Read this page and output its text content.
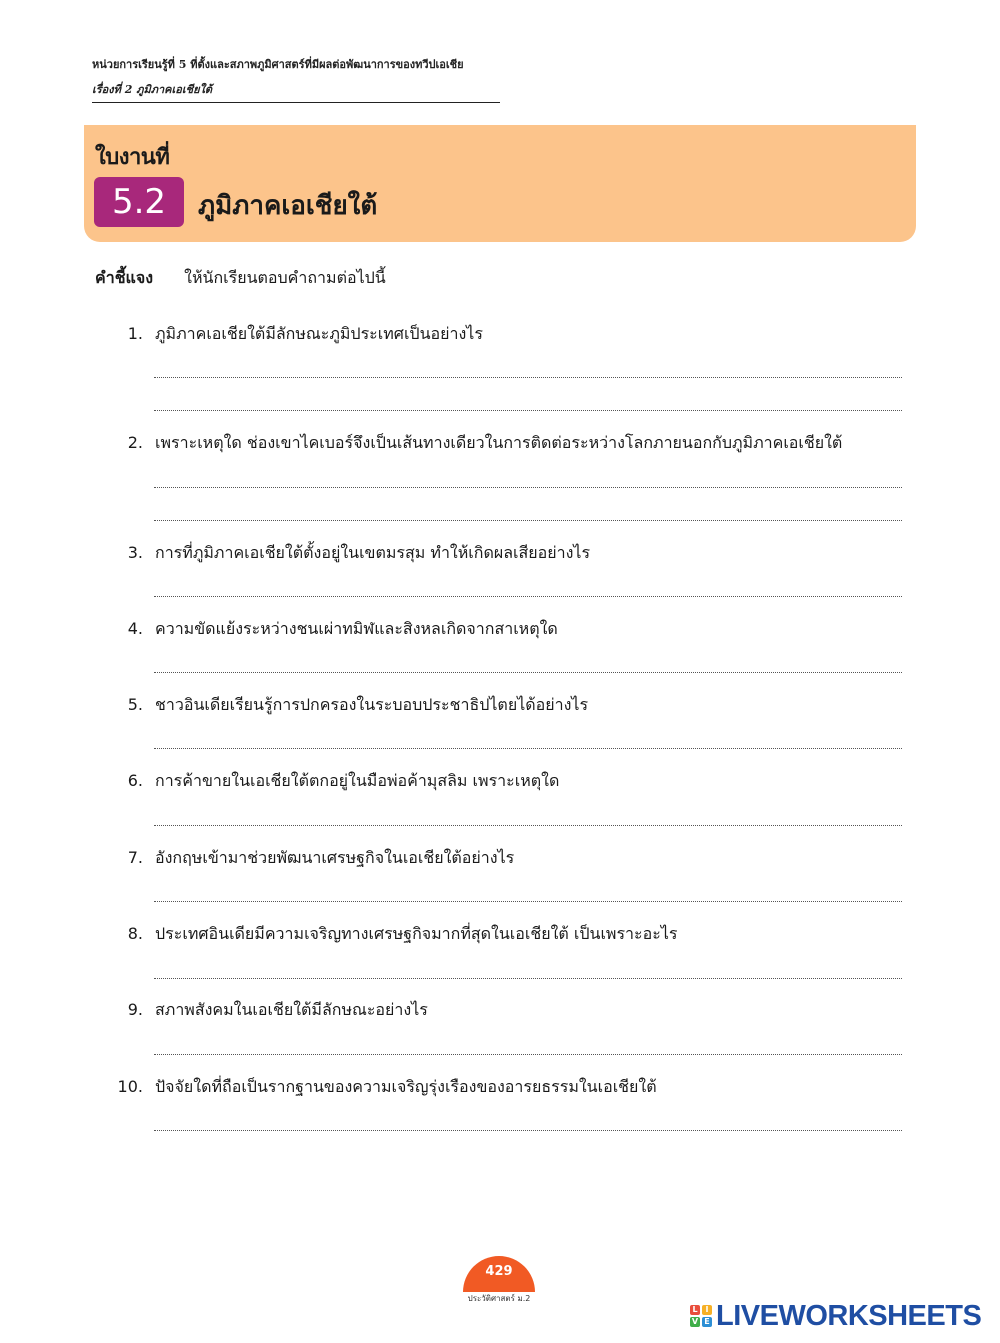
หน่วยการเรียนรู้ที่ 5 ที่ตั้งและสภาพภูมิศาสตร์ที่มีผลต่อพัฒนาการของทวีปเอเชีย
เรื่องที่ 2 ภูมิภาคเอเชียใต้
ใบงานที่
5.2	ภูมิภาคเอเชียใต้
คำชี้แจง ให้นักเรียนตอบคำถามต่อไปนี้
1. ภูมิภาคเอเชียใต้มีลักษณะภูมิประเทศเป็นอย่างไร
2. เพราะเหตุใด ช่องเขาไคเบอร์จึงเป็นเส้นทางเดียวในการติดต่อระหว่างโลกภายนอกกับภูมิภาคเอเชียใต้
3. การที่ภูมิภาคเอเชียใต้ตั้งอยู่ในเขตมรสุม ทำให้เกิดผลเสียอย่างไร
4. ความขัดแย้งระหว่างชนเผ่าทมิฬและสิงหลเกิดจากสาเหตุใด
5. ชาวอินเดียเรียนรู้การปกครองในระบอบประชาธิปไตยได้อย่างไร
6. การค้าขายในเอเชียใต้ตกอยู่ในมือพ่อค้ามุสลิม เพราะเหตุใด
7. อังกฤษเข้ามาช่วยพัฒนาเศรษฐกิจในเอเชียใต้อย่างไร
8. ประเทศอินเดียมีความเจริญทางเศรษฐกิจมากที่สุดในเอเชียใต้ เป็นเพราะอะไร
9. สภาพสังคมในเอเชียใต้มีลักษณะอย่างไร
10. ปัจจัยใดที่ถือเป็นรากฐานของความเจริญรุ่งเรืองของอารยธรรมในเอเชียใต้
429
ประวัติศาสตร์ ม.2
L I
V E LIVEWORKSHEETS
